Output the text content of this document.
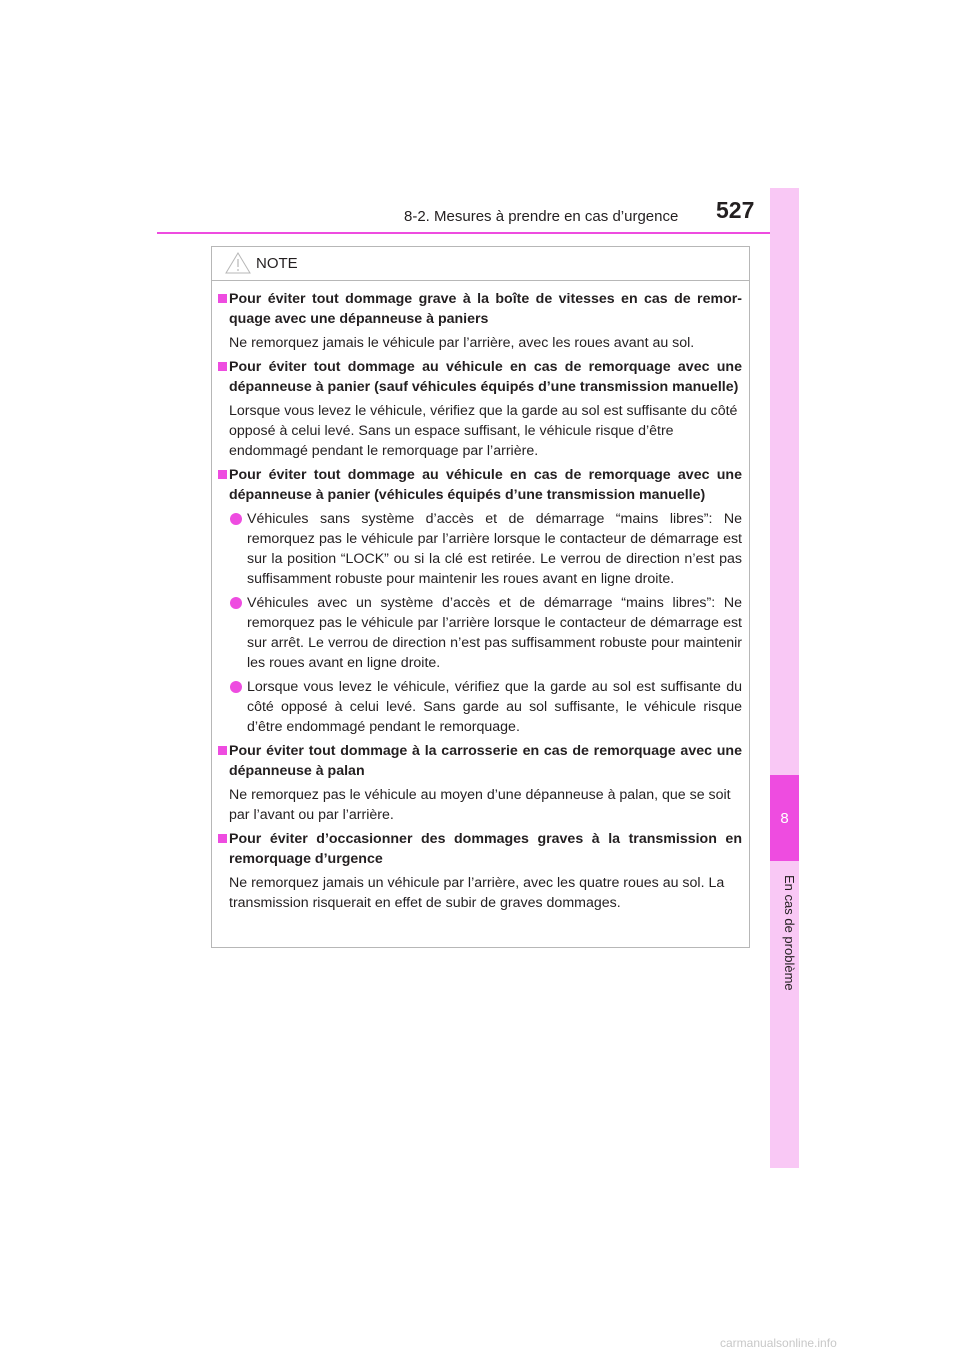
8-2. Mesures à prendre en cas d’urgence 527
8
En cas de problème
NOTE
Pour éviter tout dommage grave à la boîte de vitesses en cas de remorquage avec une dépanneuse à paniers
Ne remorquez jamais le véhicule par l’arrière, avec les roues avant au sol.
Pour éviter tout dommage au véhicule en cas de remorquage avec une dépanneuse à panier (sauf véhicules équipés d’une transmission manuelle)
Lorsque vous levez le véhicule, vérifiez que la garde au sol est suffisante du côté opposé à celui levé. Sans un espace suffisant, le véhicule risque d’être endommagé pendant le remorquage par l’arrière.
Pour éviter tout dommage au véhicule en cas de remorquage avec une dépanneuse à panier (véhicules équipés d’une transmission manuelle)
Véhicules sans système d’accès et de démarrage “mains libres”: Ne remorquez pas le véhicule par l’arrière lorsque le contacteur de démarrage est sur la position “LOCK” ou si la clé est retirée. Le verrou de direction n’est pas suffisamment robuste pour maintenir les roues avant en ligne droite.
Véhicules avec un système d’accès et de démarrage “mains libres”: Ne remorquez pas le véhicule par l’arrière lorsque le contacteur de démarrage est sur arrêt. Le verrou de direction n’est pas suffisamment robuste pour maintenir les roues avant en ligne droite.
Lorsque vous levez le véhicule, vérifiez que la garde au sol est suffisante du côté opposé à celui levé. Sans garde au sol suffisante, le véhicule risque d’être endommagé pendant le remorquage.
Pour éviter tout dommage à la carrosserie en cas de remorquage avec une dépanneuse à palan
Ne remorquez pas le véhicule au moyen d’une dépanneuse à palan, que se soit par l’avant ou par l’arrière.
Pour éviter d’occasionner des dommages graves à la transmission en remorquage d’urgence
Ne remorquez jamais un véhicule par l’arrière, avec les quatre roues au sol. La transmission risquerait en effet de subir de graves dommages.
carmanualsonline.info
